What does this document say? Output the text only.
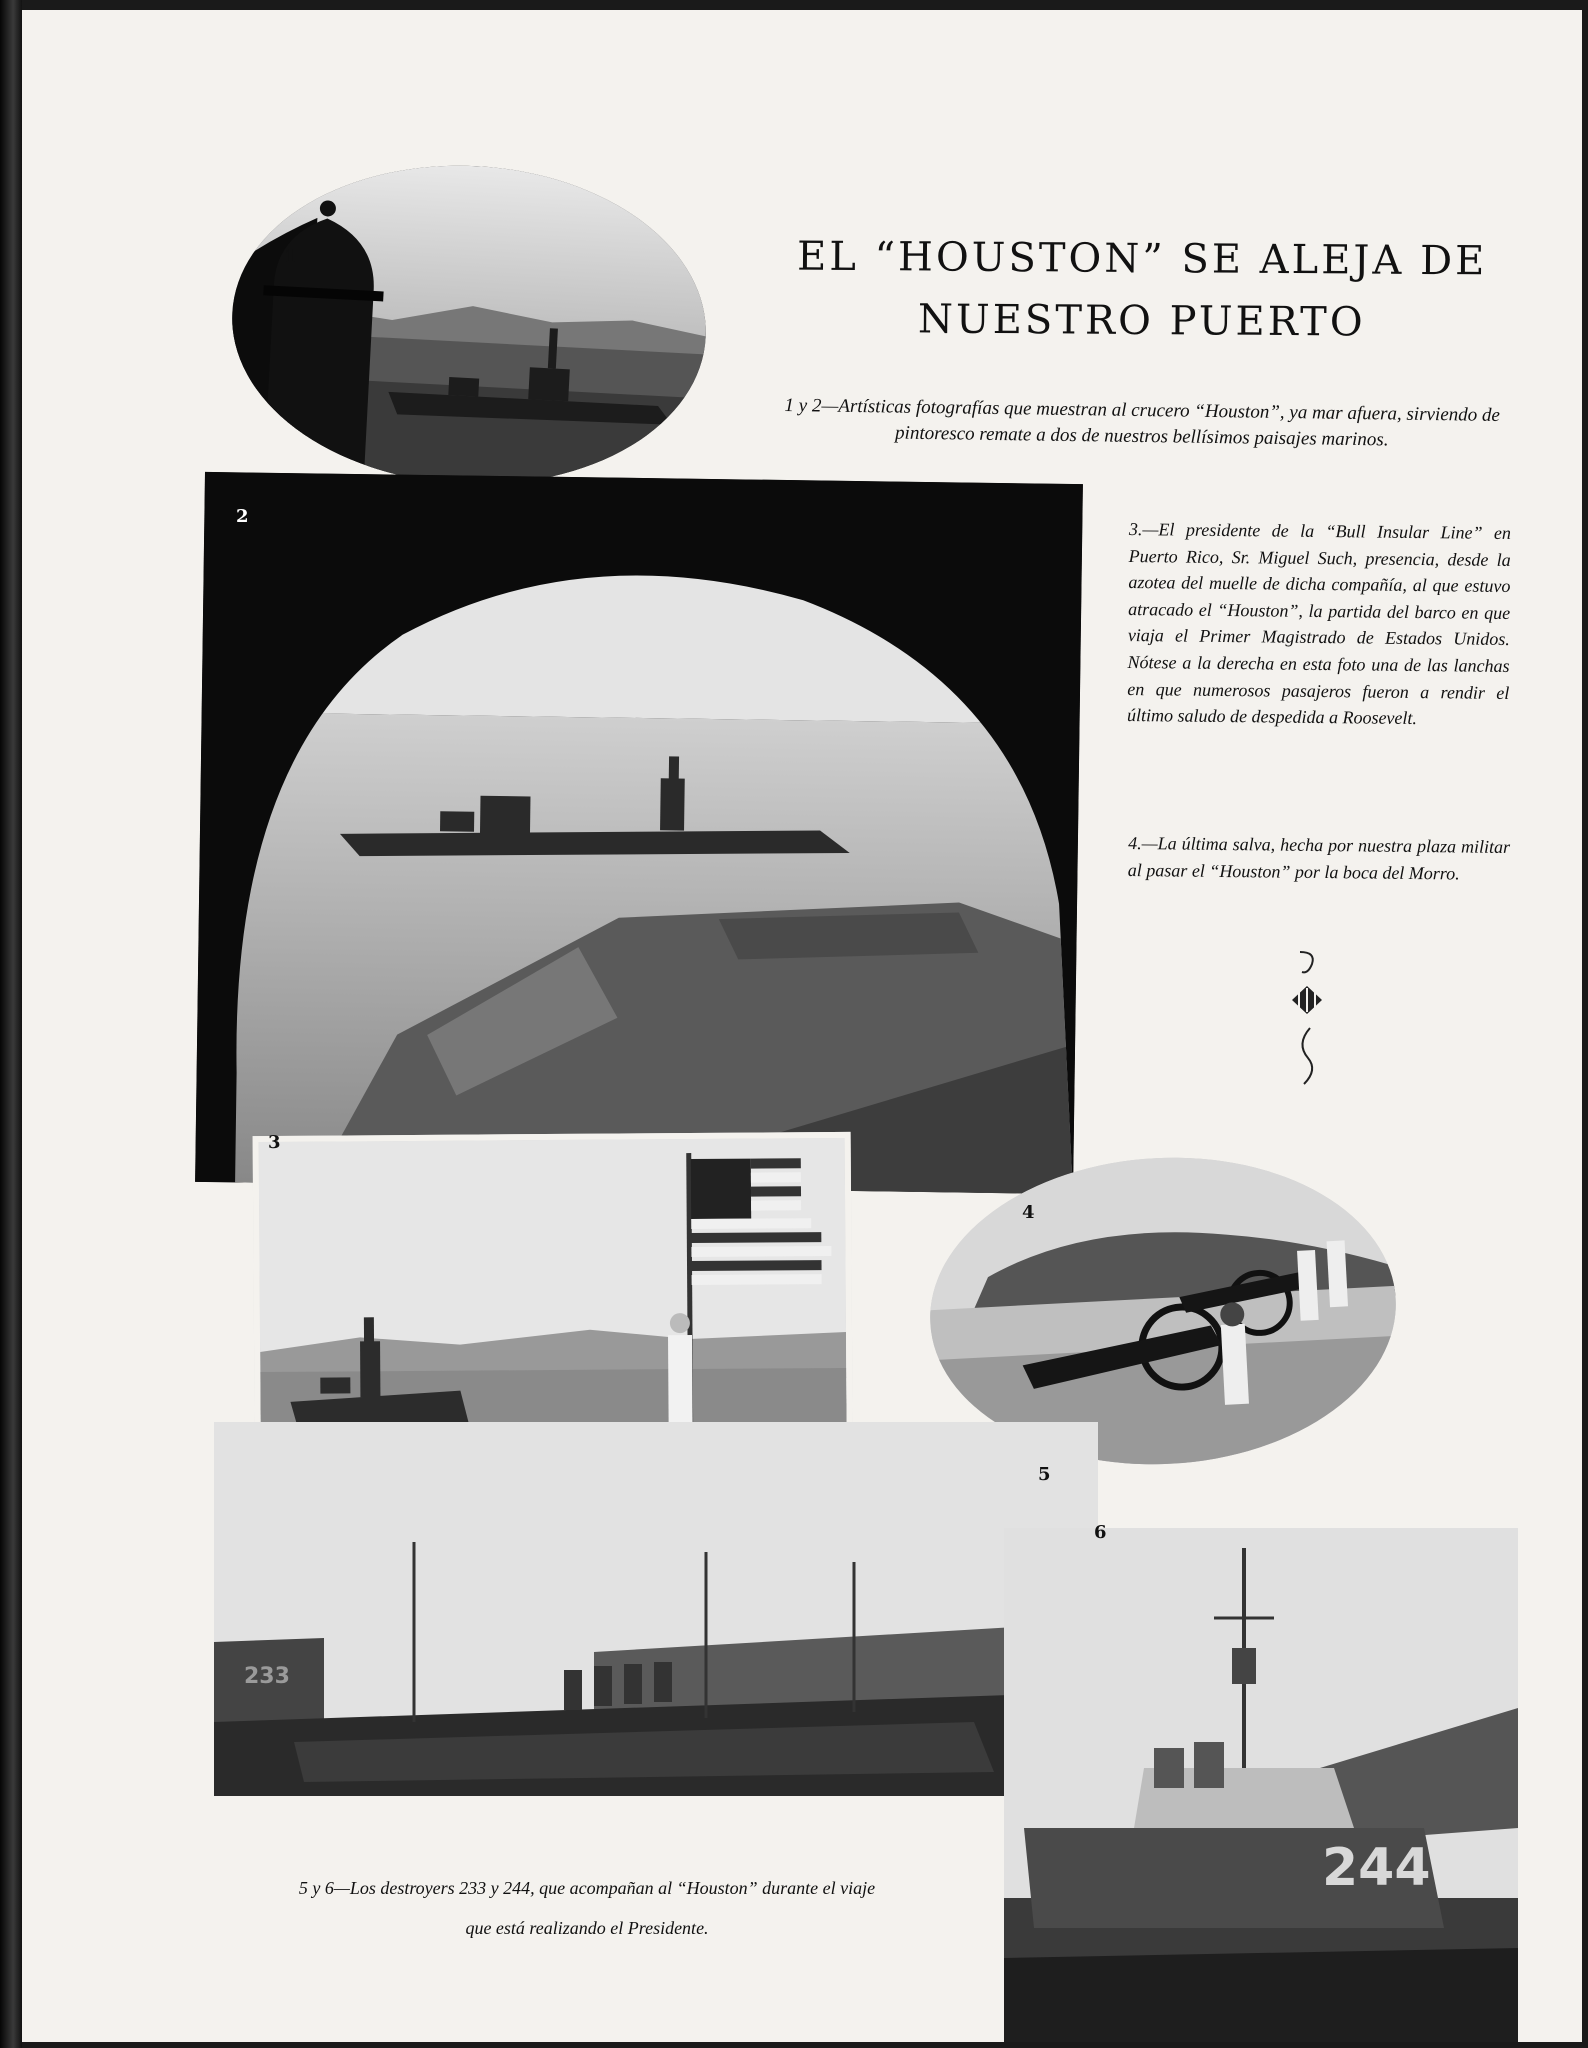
EL “HOUSTON” SE ALEJA DE
NUESTRO PUERTO
1
1 y 2—Artísticas fotografías que muestran al crucero “Houston”, ya mar afuera, sirviendo de pintoresco remate a dos de nuestros bellísimos paisajes marinos.
2
3.—El presidente de la “Bull Insular Line” en Puerto Rico, Sr. Miguel Such, presencia, desde la azotea del muelle de dicha compañía, al que estuvo atracado el “Houston”, la partida del barco en que viaja el Primer Magistrado de Estados Unidos. Nótese a la derecha en esta foto una de las lanchas en que numerosos pasajeros fueron a rendir el último saludo de despedida a Roosevelt.
4.—La última salva, hecha por nuestra plaza militar al pasar el “Houston” por la boca del Morro.
3
4
5
233
6
244
5 y 6—Los destroyers 233 y 244, que acompañan al “Houston” durante el viaje que está realizando el Presidente.
